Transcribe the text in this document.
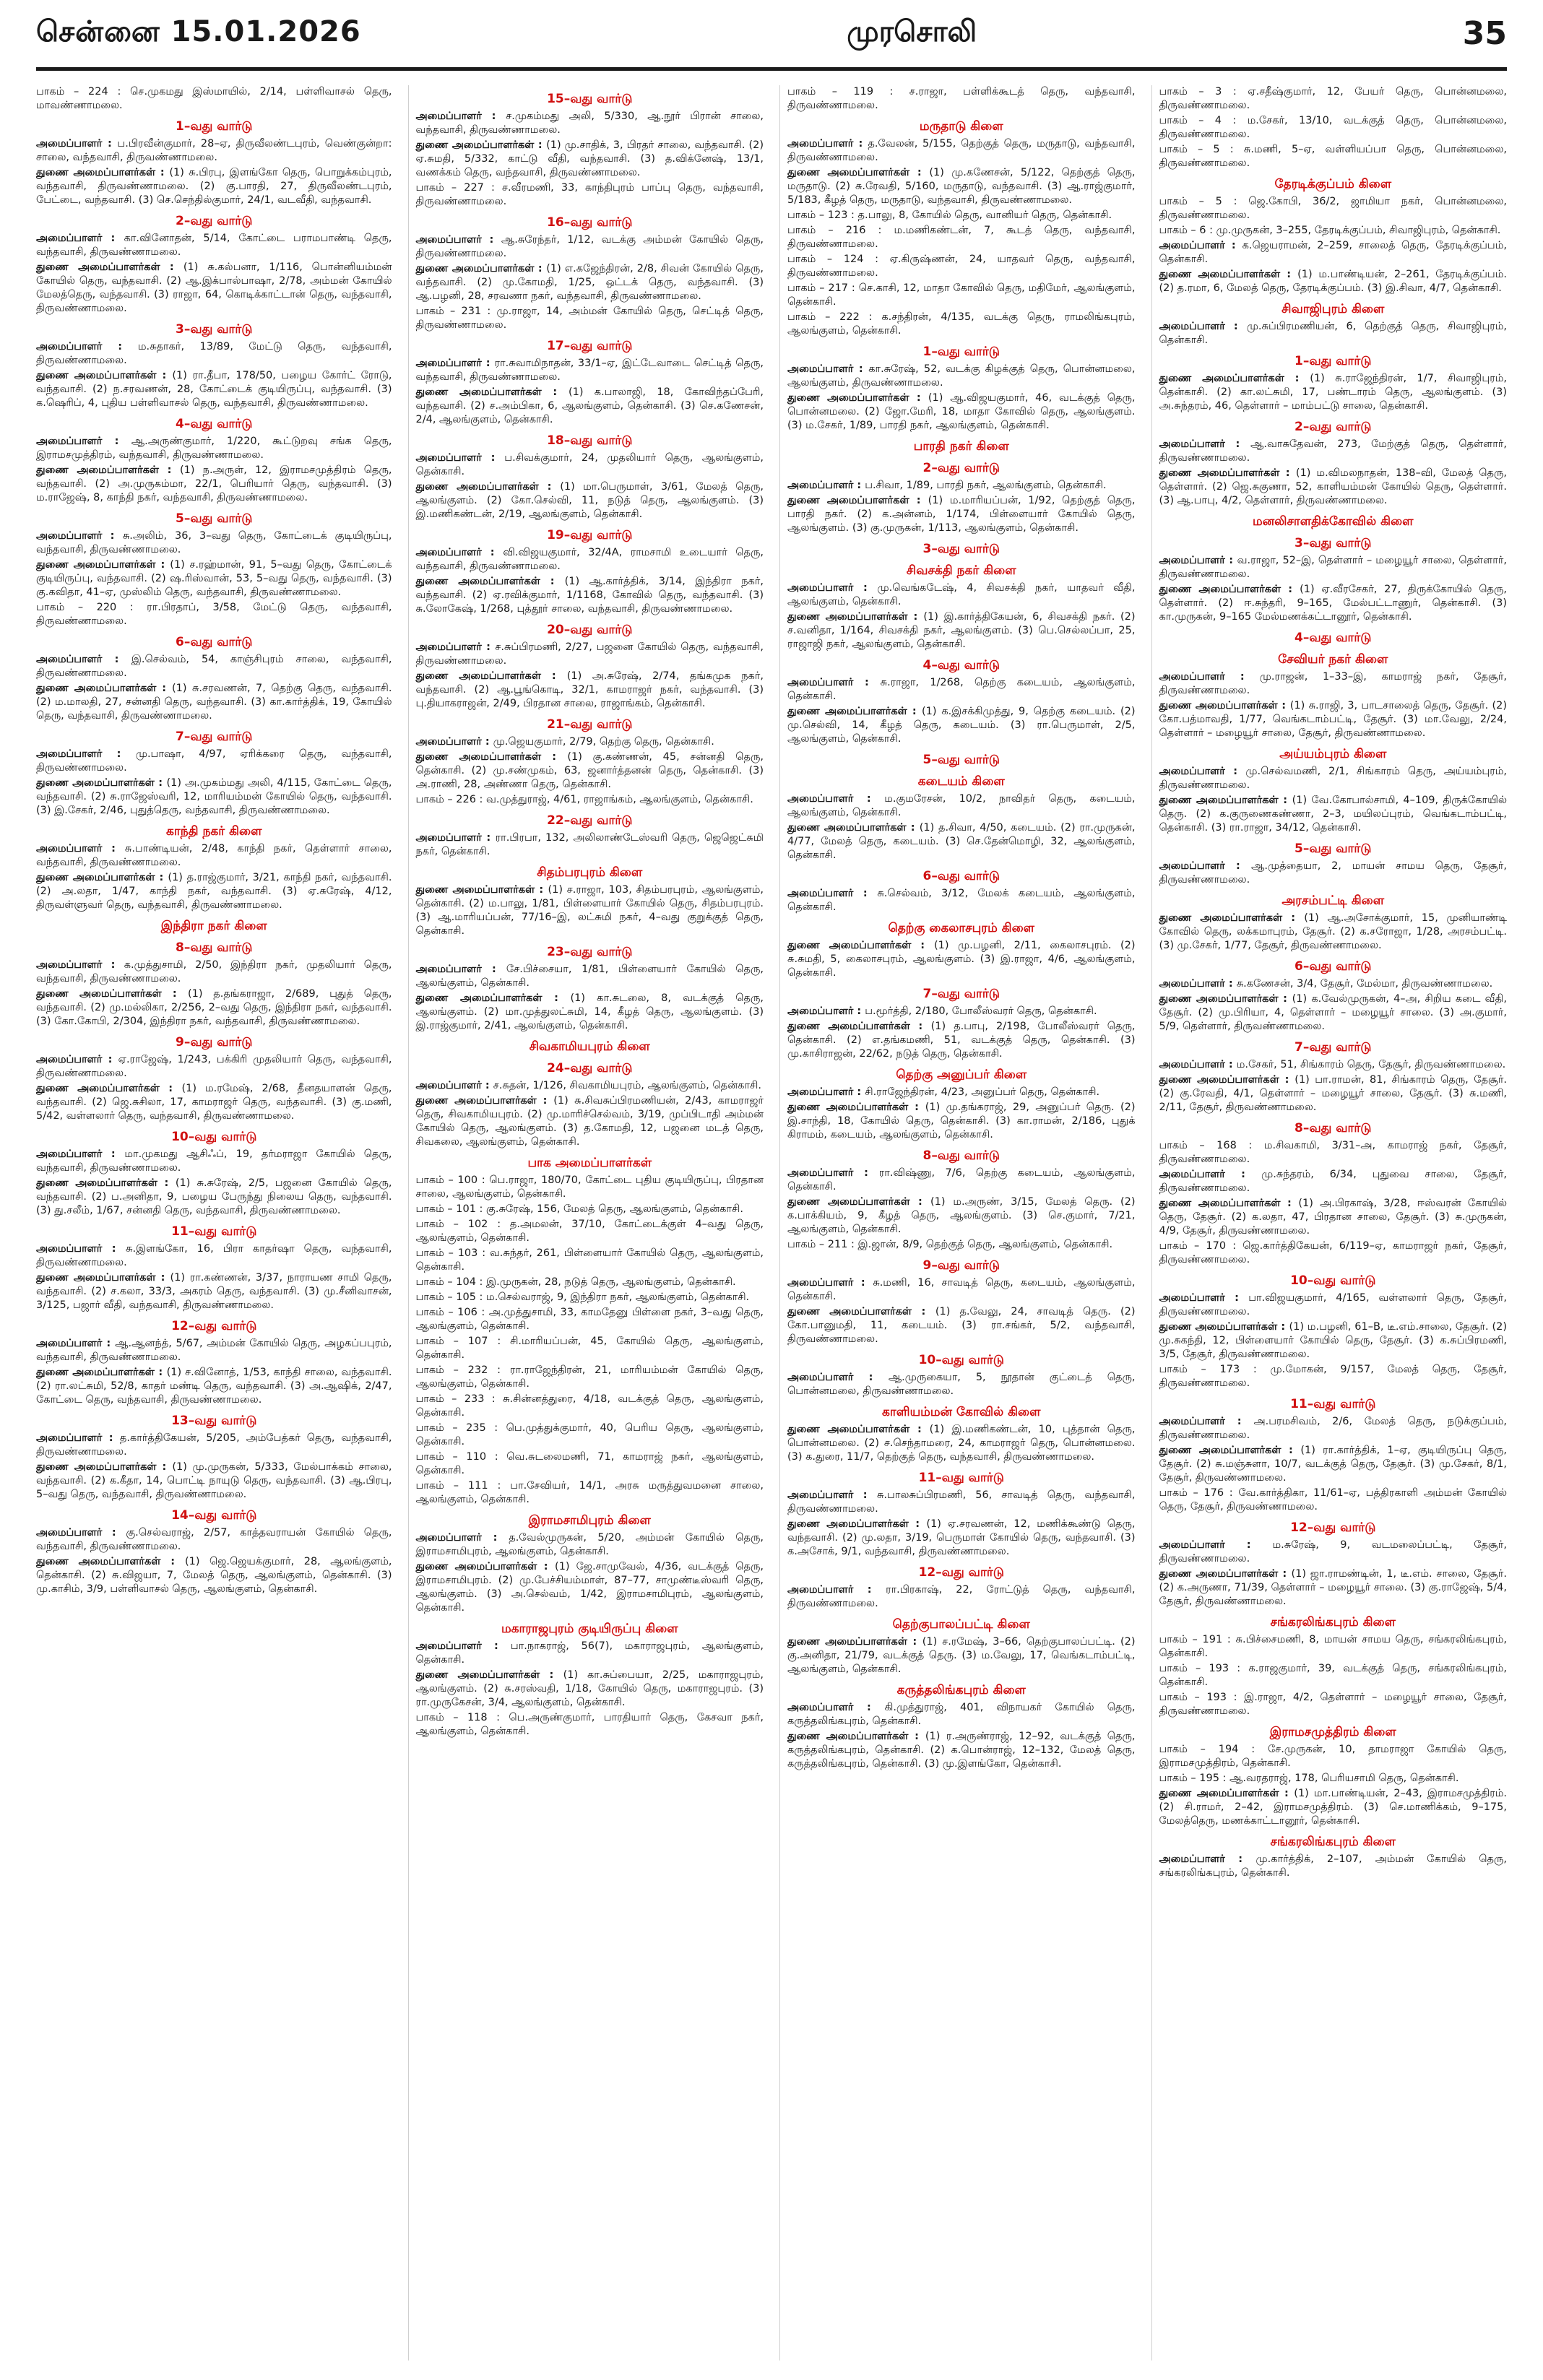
சென்னை 15.01.2026	முரசொலி	35
பாகம் – 224 : செ.முகமது இஸ்மாயில், 2/14, பள்ளிவாசல் தெரு, மாவண்ணாமலை.
1–வது வார்டு
அமைப்பாளர் : ப.பிரவீன்குமார், 28–ஏ, திருவீலண்டபுரம், வெண்குன்றா: சாலை, வந்தவாசி, திருவண்ணாமலை.
துணை அமைப்பாளர்கள் : (1) சு.பிரபு, இளங்கோ தெரு, பொறுக்கம்புரம், வந்தவாசி, திருவண்ணாமலை. (2) கு.பாரதி, 27, திருவீலண்டபுரம், பேட்டை, வந்தவாசி. (3) செ.செந்தில்குமார், 24/1, வடவீதி, வந்தவாசி.
2–வது வார்டு
அமைப்பாளர் : கா.வினோதன், 5/14, கோட்டை பராமபாண்டி தெரு, வந்தவாசி, திருவண்ணாமலை.
துணை அமைப்பாளர்கள் : (1) சு.கல்பனா, 1/116, பொன்னியம்மன் கோயில் தெரு, வந்தவாசி. (2) ஆ.இக்பால்பாஷா, 2/78, அம்மன் கோயில் மேலத்தெரு, வந்தவாசி. (3) ராஜா, 64, கொடிக்காட்டான் தெரு, வந்தவாசி, திருவண்ணாமலை.
3–வது வார்டு
அமைப்பாளர் : ம.சுதாகர், 13/89, மேட்டு தெரு, வந்தவாசி, திருவண்ணாமலை.
துணை அமைப்பாளர்கள் : (1) ரா.தீபா, 178/50, பழைய கோர்ட் ரோடு, வந்தவாசி. (2) ந.சரவணன், 28, கோட்டைக் குடியிருப்பு, வந்தவாசி. (3) க.ஷெரிப், 4, புதிய பள்ளிவாசல் தெரு, வந்தவாசி, திருவண்ணாமலை.
4–வது வார்டு
அமைப்பாளர் : ஆ.அருண்குமார், 1/220, கூட்டுறவு சங்க தெரு, இராமசமுத்திரம், வந்தவாசி, திருவண்ணாமலை.
துணை அமைப்பாளர்கள் : (1) ந.அருள், 12, இராமசமுத்திரம் தெரு, வந்தவாசி. (2) அ.முருகம்மா, 22/1, பெரியார் தெரு, வந்தவாசி. (3) ம.ராஜேஷ், 8, காந்தி நகர், வந்தவாசி, திருவண்ணாமலை.
5–வது வார்டு
அமைப்பாளர் : சு.அலிம், 36, 3–வது தெரு, கோட்டைக் குடியிருப்பு, வந்தவாசி, திருவண்ணாமலை.
துணை அமைப்பாளர்கள் : (1) ச.ரஹ்மான், 91, 5–வது தெரு, கோட்டைக் குடியிருப்பு, வந்தவாசி. (2) ஷ.ரிஸ்வான், 53, 5–வது தெரு, வந்தவாசி. (3) கு.கவிதா, 41–ஏ, முஸ்லிம் தெரு, வந்தவாசி, திருவண்ணாமலை.
பாகம் – 220 : ரா.பிரதாப், 3/58, மேட்டு தெரு, வந்தவாசி, திருவண்ணாமலை.
6–வது வார்டு
அமைப்பாளர் : இ.செல்வம், 54, காஞ்சிபுரம் சாலை, வந்தவாசி, திருவண்ணாமலை.
துணை அமைப்பாளர்கள் : (1) சு.சரவணன், 7, தெற்கு தெரு, வந்தவாசி. (2) ம.மாலதி, 27, சன்னதி தெரு, வந்தவாசி. (3) கா.கார்த்திக், 19, கோயில் தெரு, வந்தவாசி, திருவண்ணாமலை.
7–வது வார்டு
அமைப்பாளர் : மு.பாஷா, 4/97, ஏரிக்கரை தெரு, வந்தவாசி, திருவண்ணாமலை.
துணை அமைப்பாளர்கள் : (1) அ.முகம்மது அலி, 4/115, கோட்டை தெரு, வந்தவாசி. (2) சு.ராஜேஸ்வரி, 12, மாரியம்மன் கோயில் தெரு, வந்தவாசி. (3) இ.சேகர், 2/46, புதுத்தெரு, வந்தவாசி, திருவண்ணாமலை.
காந்தி நகர் கிளை
அமைப்பாளர் : சு.பாண்டியன், 2/48, காந்தி நகர், தெள்ளார் சாலை, வந்தவாசி, திருவண்ணாமலை.
துணை அமைப்பாளர்கள் : (1) த.ராஜ்குமார், 3/21, காந்தி நகர், வந்தவாசி. (2) அ.லதா, 1/47, காந்தி நகர், வந்தவாசி. (3) ஏ.சுரேஷ், 4/12, திருவள்ளுவர் தெரு, வந்தவாசி, திருவண்ணாமலை.
இந்திரா நகர் கிளை
8–வது வார்டு
அமைப்பாளர் : க.முத்துசாமி, 2/50, இந்திரா நகர், முதலியார் தெரு, வந்தவாசி, திருவண்ணாமலை.
துணை அமைப்பாளர்கள் : (1) த.தங்கராஜா, 2/689, புதுத் தெரு, வந்தவாசி. (2) மு.மல்லிகா, 2/256, 2–வது தெரு, இந்திரா நகர், வந்தவாசி. (3) கோ.கோபி, 2/304, இந்திரா நகர், வந்தவாசி, திருவண்ணாமலை.
9–வது வார்டு
அமைப்பாளர் : ஏ.ராஜேஷ், 1/243, பக்கிரி முதலியார் தெரு, வந்தவாசி, திருவண்ணாமலை.
துணை அமைப்பாளர்கள் : (1) ம.ரமேஷ், 2/68, தீனதயாளன் தெரு, வந்தவாசி. (2) ஜெ.சுசிலா, 17, காமராஜர் தெரு, வந்தவாசி. (3) கு.மணி, 5/42, வள்ளலார் தெரு, வந்தவாசி, திருவண்ணாமலை.
10–வது வார்டு
அமைப்பாளர் : மா.முகமது ஆசிஃப், 19, தர்மராஜா கோயில் தெரு, வந்தவாசி, திருவண்ணாமலை.
துணை அமைப்பாளர்கள் : (1) சு.சுரேஷ், 2/5, பஜனை கோயில் தெரு, வந்தவாசி. (2) ப.அனிதா, 9, பழைய பேருந்து நிலைய தெரு, வந்தவாசி. (3) து.சலீம், 1/67, சன்னதி தெரு, வந்தவாசி, திருவண்ணாமலை.
11–வது வார்டு
அமைப்பாளர் : சு.இளங்கோ, 16, பிரா காதர்ஷா தெரு, வந்தவாசி, திருவண்ணாமலை.
துணை அமைப்பாளர்கள் : (1) ரா.கண்ணன், 3/37, நாராயண சாமி தெரு, வந்தவாசி. (2) ச.கலா, 33/3, அகரம் தெரு, வந்தவாசி. (3) மு.சீனிவாசன், 3/125, பஜார் வீதி, வந்தவாசி, திருவண்ணாமலை.
12–வது வார்டு
அமைப்பாளர் : ஆ.ஆனந்த், 5/67, அம்மன் கோயில் தெரு, அழகப்பபுரம், வந்தவாசி, திருவண்ணாமலை.
துணை அமைப்பாளர்கள் : (1) ச.வினோத், 1/53, காந்தி சாலை, வந்தவாசி. (2) ரா.லட்சுமி, 52/8, காதர் மண்டி தெரு, வந்தவாசி. (3) அ.ஆஷிக், 2/47, கோட்டை தெரு, வந்தவாசி, திருவண்ணாமலை.
13–வது வார்டு
அமைப்பாளர் : த.கார்த்திகேயன், 5/205, அம்பேத்கர் தெரு, வந்தவாசி, திருவண்ணாமலை.
துணை அமைப்பாளர்கள் : (1) மு.முருகன், 5/333, மேல்பாக்கம் சாலை, வந்தவாசி. (2) க.கீதா, 14, பொட்டி நாயுடு தெரு, வந்தவாசி. (3) ஆ.பிரபு, 5–வது தெரு, வந்தவாசி, திருவண்ணாமலை.
14–வது வார்டு
அமைப்பாளர் : கு.செல்வராஜ், 2/57, காத்தவராயன் கோயில் தெரு, வந்தவாசி, திருவண்ணாமலை.
துணை அமைப்பாளர்கள் : (1) ஜெ.ஜெயக்குமார், 28, ஆலங்குளம், தென்காசி. (2) சு.விஜயா, 7, மேலத் தெரு, ஆலங்குளம், தென்காசி. (3) மு.காசிம், 3/9, பள்ளிவாசல் தெரு, ஆலங்குளம், தென்காசி.
15–வது வார்டு
அமைப்பாளர் : ச.முகம்மது அலி, 5/330, ஆ.நூர் பிரான் சாலை, வந்தவாசி, திருவண்ணாமலை.
துணை அமைப்பாளர்கள் : (1) மு.சாதிக், 3, பிரதர் சாலை, வந்தவாசி. (2) ஏ.சுமதி, 5/332, காட்டு வீதி, வந்தவாசி. (3) த.விக்னேஷ், 13/1, வணக்கம் தெரு, வந்தவாசி, திருவண்ணாமலை.
பாகம் – 227 : ச.வீரமணி, 33, காந்திபுரம் பாப்பு தெரு, வந்தவாசி, திருவண்ணாமலை.
16–வது வார்டு
அமைப்பாளர் : ஆ.சுரேந்தர், 1/12, வடக்கு அம்மன் கோயில் தெரு, திருவண்ணாமலை.
துணை அமைப்பாளர்கள் : (1) எ.கஜேந்திரன், 2/8, சிவன் கோயில் தெரு, வந்தவாசி. (2) மு.கோமதி, 1/25, ஒட்டக் தெரு, வந்தவாசி. (3) ஆ.பழனி, 28, சரவணா நகர், வந்தவாசி, திருவண்ணாமலை.
பாகம் – 231 : மு.ராஜா, 14, அம்மன் கோயில் தெரு, செட்டித் தெரு, திருவண்ணாமலை.
17–வது வார்டு
அமைப்பாளர் : ரா.சுவாமிநாதன், 33/1–ஏ, இட்டேவாடை செட்டித் தெரு, வந்தவாசி, திருவண்ணாமலை.
துணை அமைப்பாளர்கள் : (1) க.பாலாஜி, 18, கோவிந்தப்பேரி, வந்தவாசி. (2) ச.அம்பிகா, 6, ஆலங்குளம், தென்காசி. (3) செ.கணேசன், 2/4, ஆலங்குளம், தென்காசி.
18–வது வார்டு
அமைப்பாளர் : ப.சிவக்குமார், 24, முதலியார் தெரு, ஆலங்குளம், தென்காசி.
துணை அமைப்பாளர்கள் : (1) மா.பெருமாள், 3/61, மேலத் தெரு, ஆலங்குளம். (2) கோ.செல்வி, 11, நடுத் தெரு, ஆலங்குளம். (3) இ.மணிகண்டன், 2/19, ஆலங்குளம், தென்காசி.
19–வது வார்டு
அமைப்பாளர் : வி.விஜயகுமார், 32/4A, ராமசாமி உடையார் தெரு, வந்தவாசி, திருவண்ணாமலை.
துணை அமைப்பாளர்கள் : (1) ஆ.கார்த்திக், 3/14, இந்திரா நகர், வந்தவாசி. (2) ஏ.ரவிக்குமார், 1/1168, கோவில் தெரு, வந்தவாசி. (3) சு.லோகேஷ், 1/268, புத்தூர் சாலை, வந்தவாசி, திருவண்ணாமலை.
20–வது வார்டு
அமைப்பாளர் : ச.சுப்பிரமணி, 2/27, பஜனை கோயில் தெரு, வந்தவாசி, திருவண்ணாமலை.
துணை அமைப்பாளர்கள் : (1) அ.சுரேஷ், 2/74, தங்கமுக நகர், வந்தவாசி. (2) ஆ.பூங்கொடி, 32/1, காமராஜர் நகர், வந்தவாசி. (3) பு.தியாகராஜன், 2/49, பிரதான சாலை, ராஜாங்கம், தென்காசி.
21–வது வார்டு
அமைப்பாளர் : மு.ஜெயகுமார், 2/79, தெற்கு தெரு, தென்காசி.
துணை அமைப்பாளர்கள் : (1) கு.கண்ணன், 45, சன்னதி தெரு, தென்காசி. (2) மு.சண்முகம், 63, ஜனார்த்தனன் தெரு, தென்காசி. (3) அ.ராணி, 28, அண்ணா தெரு, தென்காசி.
பாகம் – 226 : வ.முத்துராஜ், 4/61, ராஜாங்கம், ஆலங்குளம், தென்காசி.
22–வது வார்டு
அமைப்பாளர் : ரா.பிரபா, 132, அலிலாண்டேஸ்வரி தெரு, ஜெஜெட்சுமி நகர், தென்காசி.
சிதம்பரபுரம் கிளை
துணை அமைப்பாளர்கள் : (1) ச.ராஜா, 103, சிதம்பரபுரம், ஆலங்குளம், தென்காசி. (2) ம.பாலு, 1/81, பிள்ளையார் கோயில் தெரு, சிதம்பரபுரம். (3) ஆ.மாரியப்பன், 77/16–இ, லட்சுமி நகர், 4–வது குறுக்குத் தெரு, தென்காசி.
23–வது வார்டு
அமைப்பாளர் : சே.பிச்சையா, 1/81, பிள்ளையார் கோயில் தெரு, ஆலங்குளம், தென்காசி.
துணை அமைப்பாளர்கள் : (1) கா.சுடலை, 8, வடக்குத் தெரு, ஆலங்குளம். (2) மா.முத்துலட்சுமி, 14, கீழத் தெரு, ஆலங்குளம். (3) இ.ராஜ்குமார், 2/41, ஆலங்குளம், தென்காசி.
சிவகாமியபுரம் கிளை
24–வது வார்டு
அமைப்பாளர் : ச.சுதன், 1/126, சிவகாமியபுரம், ஆலங்குளம், தென்காசி.
துணை அமைப்பாளர்கள் : (1) சு.சிவசுப்பிரமணியன், 2/43, காமராஜர் தெரு, சிவகாமியபுரம். (2) மு.மாரிச்செல்வம், 3/19, முப்பிடாதி அம்மன் கோயில் தெரு, ஆலங்குளம். (3) த.கோமதி, 12, பஜனை மடத் தெரு, சிவகலை, ஆலங்குளம், தென்காசி.
பாக அமைப்பாளர்கள்
பாகம் – 100 : பெ.ராஜா, 180/70, கோட்டை புதிய குடியிருப்பு, பிரதான சாலை, ஆலங்குளம், தென்காசி.
பாகம் – 101 : கு.சுரேஷ், 156, மேலத் தெரு, ஆலங்குளம், தென்காசி.
பாகம் – 102 : த.அமலன், 37/10, கோட்டைக்குள் 4–வது தெரு, ஆலங்குளம், தென்காசி.
பாகம் – 103 : வ.சுந்தர், 261, பிள்ளையார் கோயில் தெரு, ஆலங்குளம், தென்காசி.
பாகம் – 104 : இ.முருகன், 28, நடுத் தெரு, ஆலங்குளம், தென்காசி.
பாகம் – 105 : ம.செல்வராஜ், 9, இந்திரா நகர், ஆலங்குளம், தென்காசி.
பாகம் – 106 : அ.முத்துசாமி, 33, காமதேனு பிள்ளை நகர், 3–வது தெரு, ஆலங்குளம், தென்காசி.
பாகம் – 107 : சி.மாரியப்பன், 45, கோயில் தெரு, ஆலங்குளம், தென்காசி.
பாகம் – 232 : ரா.ராஜேந்திரன், 21, மாரியம்மன் கோயில் தெரு, ஆலங்குளம், தென்காசி.
பாகம் – 233 : சு.சின்னத்துரை, 4/18, வடக்குத் தெரு, ஆலங்குளம், தென்காசி.
பாகம் – 235 : பெ.முத்துக்குமார், 40, பெரிய தெரு, ஆலங்குளம், தென்காசி.
பாகம் – 110 : வெ.சுடலைமணி, 71, காமராஜ் நகர், ஆலங்குளம், தென்காசி.
பாகம் – 111 : பா.சேவியர், 14/1, அரசு மருத்துவமனை சாலை, ஆலங்குளம், தென்காசி.
இராமசாமிபுரம் கிளை
அமைப்பாளர் : த.வேல்முருகன், 5/20, அம்மன் கோயில் தெரு, இராமசாமிபுரம், ஆலங்குளம், தென்காசி.
துணை அமைப்பாளர்கள் : (1) ஜே.சாமுவேல், 4/36, வடக்குத் தெரு, இராமசாமிபுரம். (2) மு.பேச்சியம்மாள், 87–77, சாமுண்டீஸ்வரி தெரு, ஆலங்குளம். (3) அ.செல்வம், 1/42, இராமசாமிபுரம், ஆலங்குளம், தென்காசி.
மகாராஜபுரம் குடியிருப்பு கிளை
அமைப்பாளர் : பா.நாகராஜ், 56(7), மகாராஜபுரம், ஆலங்குளம், தென்காசி.
துணை அமைப்பாளர்கள் : (1) கா.சுப்பையா, 2/25, மகாராஜபுரம், ஆலங்குளம். (2) சு.சரஸ்வதி, 1/18, கோயில் தெரு, மகாராஜபுரம். (3) ரா.முருகேசன், 3/4, ஆலங்குளம், தென்காசி.
பாகம் – 118 : பெ.அருண்குமார், பாரதியார் தெரு, கேசவா நகர், ஆலங்குளம், தென்காசி.
பாகம் – 119 : ச.ராஜா, பள்ளிக்கூடத் தெரு, வந்தவாசி, திருவண்ணாமலை.
மருதாடு கிளை
அமைப்பாளர் : த.வேலன், 5/155, தெற்குத் தெரு, மருதாடு, வந்தவாசி, திருவண்ணாமலை.
துணை அமைப்பாளர்கள் : (1) மு.கணேசன், 5/122, தெற்குத் தெரு, மருதாடு. (2) சு.ரேவதி, 5/160, மருதாடு, வந்தவாசி. (3) ஆ.ராஜ்குமார், 5/183, கீழத் தெரு, மருதாடு, வந்தவாசி, திருவண்ணாமலை.
பாகம் – 123 : த.பாலு, 8, கோயில் தெரு, வானியர் தெரு, தென்காசி.
பாகம் – 216 : ம.மணிகண்டன், 7, கூடத் தெரு, வந்தவாசி, திருவண்ணாமலை.
பாகம் – 124 : ஏ.கிருஷ்ணன், 24, யாதவர் தெரு, வந்தவாசி, திருவண்ணாமலை.
பாகம் – 217 : செ.காசி, 12, மாதா கோவில் தெரு, மதிமேர், ஆலங்குளம், தென்காசி.
பாகம் – 222 : க.சந்திரன், 4/135, வடக்கு தெரு, ராமலிங்கபுரம், ஆலங்குளம், தென்காசி.
1–வது வார்டு
அமைப்பாளர் : கா.சுரேஷ், 52, வடக்கு கிழக்குத் தெரு, பொன்னமலை, ஆலங்குளம், திருவண்ணாமலை.
துணை அமைப்பாளர்கள் : (1) ஆ.விஜயகுமார், 46, வடக்குத் தெரு, பொன்னமலை. (2) ஜோ.மேரி, 18, மாதா கோவில் தெரு, ஆலங்குளம். (3) ம.சேகர், 1/89, பாரதி நகர், ஆலங்குளம், தென்காசி.
பாரதி நகர் கிளை
2–வது வார்டு
அமைப்பாளர் : ப.சிவா, 1/89, பாரதி நகர், ஆலங்குளம், தென்காசி.
துணை அமைப்பாளர்கள் : (1) ம.மாரியப்பன், 1/92, தெற்குத் தெரு, பாரதி நகர். (2) க.அன்னம், 1/174, பிள்ளையார் கோயில் தெரு, ஆலங்குளம். (3) கு.முருகன், 1/113, ஆலங்குளம், தென்காசி.
3–வது வார்டு
சிவசக்தி நகர் கிளை
அமைப்பாளர் : மு.வெங்கடேஷ், 4, சிவசக்தி நகர், யாதவர் வீதி, ஆலங்குளம், தென்காசி.
துணை அமைப்பாளர்கள் : (1) இ.கார்த்திகேயன், 6, சிவசக்தி நகர். (2) ச.வனிதா, 1/164, சிவசக்தி நகர், ஆலங்குளம். (3) பெ.செல்லப்பா, 25, ராஜாஜி நகர், ஆலங்குளம், தென்காசி.
4–வது வார்டு
அமைப்பாளர் : சு.ராஜா, 1/268, தெற்கு கடையம், ஆலங்குளம், தென்காசி.
துணை அமைப்பாளர்கள் : (1) க.இசக்கிமுத்து, 9, தெற்கு கடையம். (2) மு.செல்வி, 14, கீழத் தெரு, கடையம். (3) ரா.பெருமாள், 2/5, ஆலங்குளம், தென்காசி.
5–வது வார்டு
கடையம் கிளை
அமைப்பாளர் : ம.குமரேசன், 10/2, நாவிதர் தெரு, கடையம், ஆலங்குளம், தென்காசி.
துணை அமைப்பாளர்கள் : (1) த.சிவா, 4/50, கடையம். (2) ரா.முருகன், 4/77, மேலத் தெரு, கடையம். (3) செ.தேன்மொழி, 32, ஆலங்குளம், தென்காசி.
6–வது வார்டு
அமைப்பாளர் : சு.செல்வம், 3/12, மேலக் கடையம், ஆலங்குளம், தென்காசி.
தெற்கு கைலாசபுரம் கிளை
துணை அமைப்பாளர்கள் : (1) மு.பழனி, 2/11, கைலாசபுரம். (2) சு.சுமதி, 5, கைலாசபுரம், ஆலங்குளம். (3) இ.ராஜா, 4/6, ஆலங்குளம், தென்காசி.
7–வது வார்டு
அமைப்பாளர் : ப.மூர்த்தி, 2/180, போலீஸ்வரர் தெரு, தென்காசி.
துணை அமைப்பாளர்கள் : (1) த.பாபு, 2/198, போலீஸ்வரர் தெரு, தென்காசி. (2) எ.தங்கமணி, 51, வடக்குத் தெரு, தென்காசி. (3) மு.காசிராஜன், 22/62, நடுத் தெரு, தென்காசி.
தெற்கு அனுப்பர் கிளை
அமைப்பாளர் : சி.ராஜேந்திரன், 4/23, அனுப்பர் தெரு, தென்காசி.
துணை அமைப்பாளர்கள் : (1) மு.தங்கராஜ், 29, அனுப்பர் தெரு. (2) இ.சாந்தி, 18, கோயில் தெரு, தென்காசி. (3) கா.ராமன், 2/186, புதுக் கிராமம், கடையம், ஆலங்குளம், தென்காசி.
8–வது வார்டு
அமைப்பாளர் : ரா.விஷ்ணு, 7/6, தெற்கு கடையம், ஆலங்குளம், தென்காசி.
துணை அமைப்பாளர்கள் : (1) ம.அருண், 3/15, மேலத் தெரு. (2) க.பாக்கியம், 9, கீழத் தெரு, ஆலங்குளம். (3) செ.குமார், 7/21, ஆலங்குளம், தென்காசி.
பாகம் – 211 : இ.ஜான், 8/9, தெற்குத் தெரு, ஆலங்குளம், தென்காசி.
9–வது வார்டு
அமைப்பாளர் : சு.மணி, 16, சாவடித் தெரு, கடையம், ஆலங்குளம், தென்காசி.
துணை அமைப்பாளர்கள் : (1) த.வேலு, 24, சாவடித் தெரு. (2) கோ.பானுமதி, 11, கடையம். (3) ரா.சங்கர், 5/2, வந்தவாசி, திருவண்ணாமலை.
10–வது வார்டு
அமைப்பாளர் : ஆ.முருகையா, 5, நூதான் குட்டைத் தெரு, பொன்னமலை, திருவண்ணாமலை.
காளியம்மன் கோவில் கிளை
துணை அமைப்பாளர்கள் : (1) இ.மணிகண்டன், 10, புத்தான் தெரு, பொன்னமலை. (2) ச.செந்தாமரை, 24, காமராஜர் தெரு, பொன்னமலை. (3) க.துரை, 11/7, தெற்குத் தெரு, வந்தவாசி, திருவண்ணாமலை.
11–வது வார்டு
அமைப்பாளர் : சு.பாலசுப்பிரமணி, 56, சாவடித் தெரு, வந்தவாசி, திருவண்ணாமலை.
துணை அமைப்பாளர்கள் : (1) ஏ.சரவணன், 12, மணிக்கூண்டு தெரு, வந்தவாசி. (2) மு.லதா, 3/19, பெருமாள் கோயில் தெரு, வந்தவாசி. (3) க.அசோக், 9/1, வந்தவாசி, திருவண்ணாமலை.
12–வது வார்டு
அமைப்பாளர் : ரா.பிரகாஷ், 22, ரோட்டுத் தெரு, வந்தவாசி, திருவண்ணாமலை.
தெற்குபாலப்பட்டி கிளை
துணை அமைப்பாளர்கள் : (1) ச.ரமேஷ், 3–66, தெற்குபாலப்பட்டி. (2) கு.அனிதா, 21/79, வடக்குத் தெரு. (3) ம.வேலு, 17, வெங்கடாம்பட்டி, ஆலங்குளம், தென்காசி.
கருத்தலிங்கபுரம் கிளை
அமைப்பாளர் : கி.முத்துராஜ், 401, விநாயகர் கோயில் தெரு, கருத்தலிங்கபுரம், தென்காசி.
துணை அமைப்பாளர்கள் : (1) ர.அருண்ராஜ், 12–92, வடக்குத் தெரு, கருத்தலிங்கபுரம், தென்காசி. (2) க.பொன்ராஜ், 12–132, மேலத் தெரு, கருத்தலிங்கபுரம், தென்காசி. (3) மு.இளங்கோ, தென்காசி.
பாகம் – 3 : ஏ.சதீஷ்குமார், 12, பேயர் தெரு, பொன்னமலை, திருவண்ணாமலை.
பாகம் – 4 : ம.சேகர், 13/10, வடக்குத் தெரு, பொன்னமலை, திருவண்ணாமலை.
பாகம் – 5 : சு.மணி, 5–ஏ, வள்ளியப்பா தெரு, பொன்னமலை, திருவண்ணாமலை.
தேரடிக்குப்பம் கிளை
பாகம் – 5 : ஜெ.கோபி, 36/2, ஜாமியா நகர், பொன்னமலை, திருவண்ணாமலை.
பாகம் – 6 : மு.முருகன், 3–255, தேரடிக்குப்பம், சிவாஜிபுரம், தென்காசி.
அமைப்பாளர் : க.ஜெயராமன், 2–259, சாலைத் தெரு, தேரடிக்குப்பம், தென்காசி.
துணை அமைப்பாளர்கள் : (1) ம.பாண்டியன், 2–261, தேரடிக்குப்பம். (2) த.ரமா, 6, மேலத் தெரு, தேரடிக்குப்பம். (3) இ.சிவா, 4/7, தென்காசி.
சிவாஜிபுரம் கிளை
அமைப்பாளர் : மு.சுப்பிரமணியன், 6, தெற்குத் தெரு, சிவாஜிபுரம், தென்காசி.
1–வது வார்டு
துணை அமைப்பாளர்கள் : (1) சு.ராஜேந்திரன், 1/7, சிவாஜிபுரம், தென்காசி. (2) கா.லட்சுமி, 17, பண்டாரம் தெரு, ஆலங்குளம். (3) அ.சுந்தரம், 46, தெள்ளார் – மாம்பட்டு சாலை, தென்காசி.
2–வது வார்டு
அமைப்பாளர் : ஆ.வாசுதேவன், 273, மேற்குத் தெரு, தெள்ளார், திருவண்ணாமலை.
துணை அமைப்பாளர்கள் : (1) ம.விமலநாதன், 138–வி, மேலத் தெரு, தெள்ளார். (2) ஜெ.சுகுணா, 52, காளியம்மன் கோயில் தெரு, தெள்ளார். (3) ஆ.பாபு, 4/2, தெள்ளார், திருவண்ணாமலை.
மனலிசாளதிக்கோவில் கிளை
3–வது வார்டு
அமைப்பாளர் : வ.ராஜா, 52–இ, தெள்ளார் – மழையூர் சாலை, தெள்ளார், திருவண்ணாமலை.
துணை அமைப்பாளர்கள் : (1) ஏ.வீரசேகர், 27, திருக்கோயில் தெரு, தெள்ளார். (2) ஈ.சுந்தரி, 9–165, மேல்பட்டாணுர், தென்காசி. (3) கா.முருகன், 9–165 மேல்மணக்கட்டானூர், தென்காசி.
4–வது வார்டு
சேவியர் நகர் கிளை
அமைப்பாளர் : மு.ராஜன், 1–33–இ, காமராஜ் நகர், தேசூர், திருவண்ணாமலை.
துணை அமைப்பாளர்கள் : (1) சு.ராஜி, 3, பாடசாலைத் தெரு, தேசூர். (2) கோ.பத்மாவதி, 1/77, வெங்கடாம்பட்டி, தேசூர். (3) மா.வேலு, 2/24, தெள்ளார் – மழையூர் சாலை, தேசூர், திருவண்ணாமலை.
அய்யம்புரம் கிளை
அமைப்பாளர் : மு.செல்வமணி, 2/1, சிங்காரம் தெரு, அய்யம்புரம், திருவண்ணாமலை.
துணை அமைப்பாளர்கள் : (1) வே.கோபால்சாமி, 4–109, திருக்கோயில் தெரு. (2) க.குருணைகண்ணா, 2–3, மயிலப்புரம், வெங்கடாம்பட்டி, தென்காசி. (3) ரா.ராஜா, 34/12, தென்காசி.
5–வது வார்டு
அமைப்பாளர் : ஆ.முத்தையா, 2, மாயன் சாமய தெரு, தேசூர், திருவண்ணாமலை.
அரசம்பட்டி கிளை
துணை அமைப்பாளர்கள் : (1) ஆ.அசோக்குமார், 15, முனியாண்டி கோவில் தெரு, லக்கமாபுரம், தேசூர். (2) க.சரோஜா, 1/28, அரசம்பட்டி. (3) மு.சேகர், 1/77, தேசூர், திருவண்ணாமலை.
6–வது வார்டு
அமைப்பாளர் : சு.கணேசன், 3/4, தேசூர், மேல்மா, திருவண்ணாமலை.
துணை அமைப்பாளர்கள் : (1) க.வேல்முருகன், 4–அ, சிறிய கடை வீதி, தேசூர். (2) மு.பிரியா, 4, தெள்ளார் – மழையூர் சாலை. (3) அ.குமார், 5/9, தெள்ளார், திருவண்ணாமலை.
7–வது வார்டு
அமைப்பாளர் : ம.சேகர், 51, சிங்காரம் தெரு, தேசூர், திருவண்ணாமலை.
துணை அமைப்பாளர்கள் : (1) பா.ராமன், 81, சிங்காரம் தெரு, தேசூர். (2) கு.ரேவதி, 4/1, தெள்ளார் – மழையூர் சாலை, தேசூர். (3) சு.மணி, 2/11, தேசூர், திருவண்ணாமலை.
8–வது வார்டு
பாகம் – 168 : ம.சிவகாமி, 3/31–அ, காமராஜ் நகர், தேசூர், திருவண்ணாமலை.
அமைப்பாளர் : மு.சுந்தரம், 6/34, புதுவை சாலை, தேசூர், திருவண்ணாமலை.
துணை அமைப்பாளர்கள் : (1) அ.பிரகாஷ், 3/28, ஈஸ்வரன் கோயில் தெரு, தேசூர். (2) க.லதா, 47, பிரதான சாலை, தேசூர். (3) சு.முருகன், 4/9, தேசூர், திருவண்ணாமலை.
பாகம் – 170 : ஜெ.கார்த்திகேயன், 6/119–ஏ, காமராஜர் நகர், தேசூர், திருவண்ணாமலை.
10–வது வார்டு
அமைப்பாளர் : பா.விஜயகுமார், 4/165, வள்ளலார் தெரு, தேசூர், திருவண்ணாமலை.
துணை அமைப்பாளர்கள் : (1) ம.பழனி, 61–B, டீ.எம்.சாலை, தேசூர். (2) மு.சுகந்தி, 12, பிள்ளையார் கோயில் தெரு, தேசூர். (3) க.சுப்பிரமணி, 3/5, தேசூர், திருவண்ணாமலை.
பாகம் – 173 : மு.மோகன், 9/157, மேலத் தெரு, தேசூர், திருவண்ணாமலை.
11–வது வார்டு
அமைப்பாளர் : அ.பரமசிவம், 2/6, மேலத் தெரு, நடுக்குப்பம், திருவண்ணாமலை.
துணை அமைப்பாளர்கள் : (1) ரா.கார்த்திக், 1–ஏ, குடியிருப்பு தெரு, தேசூர். (2) சு.மஞ்சுளா, 10/7, வடக்குத் தெரு, தேசூர். (3) மு.சேகர், 8/1, தேசூர், திருவண்ணாமலை.
பாகம் – 176 : வே.கார்த்திகா, 11/61–ஏ, பத்திரகாளி அம்மன் கோயில் தெரு, தேசூர், திருவண்ணாமலை.
12–வது வார்டு
அமைப்பாளர் : ம.சுரேஷ், 9, வடமலைப்பட்டி, தேசூர், திருவண்ணாமலை.
துணை அமைப்பாளர்கள் : (1) ஜா.ராமண்டின், 1, டீ.எம். சாலை, தேசூர். (2) க.அருணா, 71/39, தெள்ளார் – மழையூர் சாலை. (3) கு.ராஜேஷ், 5/4, தேசூர், திருவண்ணாமலை.
சங்கரலிங்கபுரம் கிளை
பாகம் – 191 : சு.பிச்சைமணி, 8, மாயன் சாமய தெரு, சங்கரலிங்கபுரம், தென்காசி.
பாகம் – 193 : க.ராஜகுமார், 39, வடக்குத் தெரு, சங்கரலிங்கபுரம், தென்காசி.
பாகம் – 193 : இ.ராஜா, 4/2, தெள்ளார் – மழையூர் சாலை, தேசூர், திருவண்ணாமலை.
இராமசமுத்திரம் கிளை
பாகம் – 194 : சே.முருகன், 10, தாமராஜா கோயில் தெரு, இராமசமுத்திரம், தென்காசி.
பாகம் – 195 : ஆ.வரதராஜ், 178, பெரியசாமி தெரு, தென்காசி.
துணை அமைப்பாளர்கள் : (1) மா.பாண்டியன், 2–43, இராமசமுத்திரம். (2) சி.ராமர், 2–42, இராமசமுத்திரம். (3) செ.மாணிக்கம், 9–175, மேலத்தெரு, மணக்காட்டானூர், தென்காசி.
சங்கரலிங்கபுரம் கிளை
அமைப்பாளர் : மு.கார்த்திக், 2–107, அம்மன் கோயில் தெரு, சங்கரலிங்கபுரம், தென்காசி.
